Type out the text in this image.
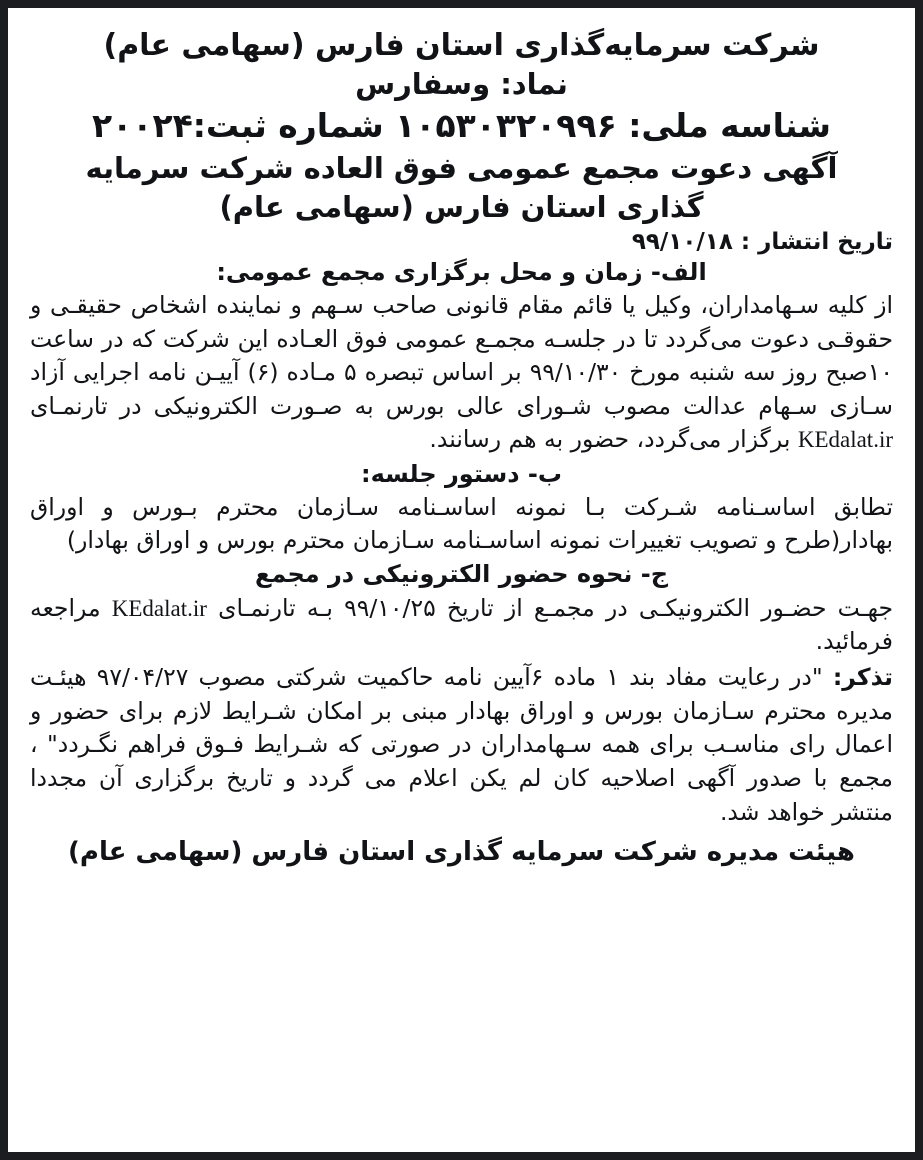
شرکت سرمایه‌گذاری استان فارس (سهامی عام)
نماد: وسفارس
شناسه ملی: ۱۰۵۳۰۳۲۰۹۹۶ شماره ثبت:۲۰۰۲۴
آگهی دعوت مجمع عمومی فوق العاده شرکت سرمایه
گذاری استان فارس (سهامی عام)
تاریخ انتشار : ۹۹/۱۰/۱۸
الف- زمان و محل برگزاری مجمع عمومی:
از کلیه سـهامداران، وکیل یا قائم مقام قانونی صاحب سـهم و نماینده اشخاص حقیقـی و حقوقـی دعوت می‌گردد تا در جلسـه مجمـع عمومی فوق العـاده این شرکت که در ساعت ۱۰صبح روز سه شنبه مورخ ۹۹/۱۰/۳۰ بر اساس تبصره ۵ مـاده (۶) آییـن نامه اجرایی آزاد سـازی سـهام عدالت مصوب شـورای عالی بورس به صـورت الکترونیکی در تارنمـای KEdalat.ir برگزار می‌گردد، حضور به هم رسانند.
ب- دستور جلسه:
تطابق اساسـنامه شـرکت بـا نمونه اساسـنامه سـازمان محترم بـورس و اوراق بهادار(طرح و تصویب تغییرات نمونه اساسـنامه سـازمان محترم بورس و اوراق بهادار)
ج- نحوه حضور الکترونیکی در مجمع
جهـت حضـور الکترونیکـی در مجمـع از تاریخ ۹۹/۱۰/۲۵ بـه تارنمـای KEdalat.ir مراجعه فرمائید.
تذکر: "در رعایت مفاد بند ۱ ماده ۶آیین نامه حاکمیت شرکتی مصوب ۹۷/۰۴/۲۷ هیئـت مدیره محترم سـازمان بورس و اوراق بهادار مبنی بر امکان شـرایط لازم برای حضور و اعمال رای مناسـب برای همه سـهامداران در صورتی که شـرایط فـوق فراهم نگـردد" ، مجمع با صدور آگهی اصلاحیه کان لم یکن اعلام می گردد و تاریخ برگزاری آن مجددا منتشر خواهد شد.
هیئت مدیره شرکت سرمایه گذاری استان فارس (سهامی عام)
